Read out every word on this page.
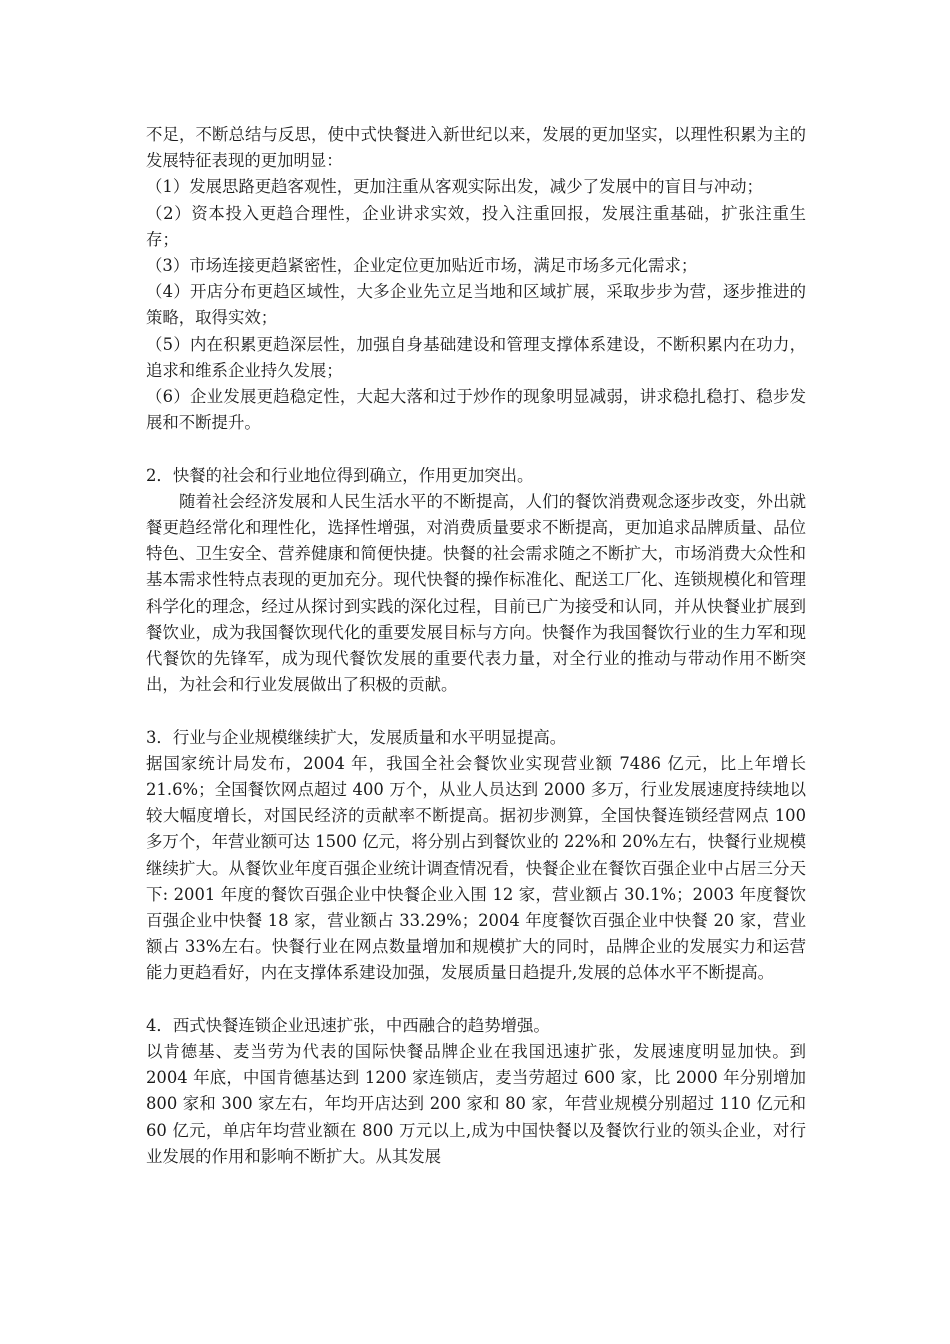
不足，不断总结与反思，使中式快餐进入新世纪以来，发展的更加坚实，以理性积累为主的发展特征表现的更加明显：

（1）发展思路更趋客观性，更加注重从客观实际出发，减少了发展中的盲目与冲动；

（2）资本投入更趋合理性，企业讲求实效，投入注重回报，发展注重基础，扩张注重生存；

（3）市场连接更趋紧密性，企业定位更加贴近市场，满足市场多元化需求；

（4）开店分布更趋区域性，大多企业先立足当地和区域扩展，采取步步为营，逐步推进的策略，取得实效；

（5）内在积累更趋深层性，加强自身基础建设和管理支撑体系建设，不断积累内在功力，追求和维系企业持久发展；

（6）企业发展更趋稳定性，大起大落和过于炒作的现象明显减弱，讲求稳扎稳打、稳步发展和不断提升。

2．快餐的社会和行业地位得到确立，作用更加突出。

随着社会经济发展和人民生活水平的不断提高，人们的餐饮消费观念逐步改变，外出就餐更趋经常化和理性化，选择性增强，对消费质量要求不断提高，更加追求品牌质量、品位特色、卫生安全、营养健康和简便快捷。快餐的社会需求随之不断扩大，市场消费大众性和基本需求性特点表现的更加充分。现代快餐的操作标准化、配送工厂化、连锁规模化和管理科学化的理念，经过从探讨到实践的深化过程，目前已广为接受和认同，并从快餐业扩展到餐饮业，成为我国餐饮现代化的重要发展目标与方向。快餐作为我国餐饮行业的生力军和现代餐饮的先锋军，成为现代餐饮发展的重要代表力量，对全行业的推动与带动作用不断突出，为社会和行业发展做出了积极的贡献。

3．行业与企业规模继续扩大，发展质量和水平明显提高。

据国家统计局发布，2004 年，我国全社会餐饮业实现营业额 7486 亿元，比上年增长 21.6%；全国餐饮网点超过 400 万个，从业人员达到 2000 多万，行业发展速度持续地以较大幅度增长，对国民经济的贡献率不断提高。据初步测算，全国快餐连锁经营网点 100 多万个，年营业额可达 1500 亿元，将分别占到餐饮业的 22%和 20%左右，快餐行业规模继续扩大。从餐饮业年度百强企业统计调查情况看，快餐企业在餐饮百强企业中占居三分天下: 2001 年度的餐饮百强企业中快餐企业入围 12 家，营业额占 30.1%；2003 年度餐饮百强企业中快餐 18 家，营业额占 33.29%；2004 年度餐饮百强企业中快餐 20 家，营业额占 33%左右。快餐行业在网点数量增加和规模扩大的同时，品牌企业的发展实力和运营能力更趋看好，内在支撑体系建设加强，发展质量日趋提升,发展的总体水平不断提高。

4．西式快餐连锁企业迅速扩张，中西融合的趋势增强。

以肯德基、麦当劳为代表的国际快餐品牌企业在我国迅速扩张，发展速度明显加快。到 2004 年底，中国肯德基达到 1200 家连锁店，麦当劳超过 600 家，比 2000 年分别增加 800 家和 300 家左右，年均开店达到 200 家和 80 家，年营业规模分别超过 110 亿元和 60 亿元，单店年均营业额在 800 万元以上,成为中国快餐以及餐饮行业的领头企业，对行业发展的作用和影响不断扩大。从其发展
